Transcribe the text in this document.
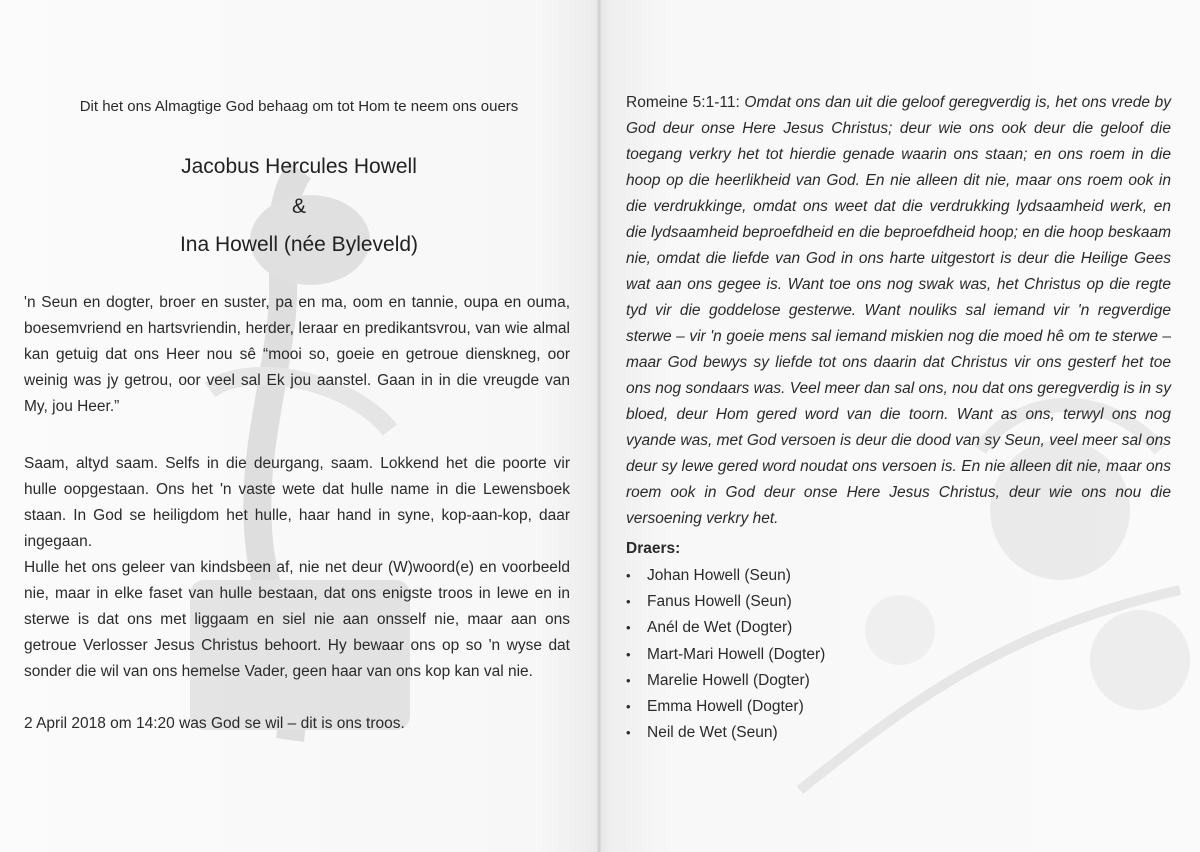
Dit het ons Almagtige God behaag om tot Hom te neem ons ouers
Jacobus Hercules Howell
&
Ina Howell (née Byleveld)

'n Seun en dogter, broer en suster, pa en ma, oom en tannie, oupa en ouma, boesemvriend en hartsvriendin, herder, leraar en predikantsvrou, van wie almal kan getuig dat ons Heer nou sê “mooi so, goeie en getroue dienskneg, oor weinig was jy getrou, oor veel sal Ek jou aanstel. Gaan in in die vreugde van My, jou Heer.”

Saam, altyd saam. Selfs in die deurgang, saam. Lokkend het die poorte vir hulle oopgestaan. Ons het 'n vaste wete dat hulle name in die Lewensboek staan. In God se heiligdom het hulle, haar hand in syne, kop-aan-kop, daar ingegaan.

Hulle het ons geleer van kindsbeen af, nie net deur (W)woord(e) en voorbeeld nie, maar in elke faset van hulle bestaan, dat ons enigste troos in lewe en in sterwe is dat ons met liggaam en siel nie aan onsself nie, maar aan ons getroue Verlosser Jesus Christus behoort. Hy bewaar ons op so 'n wyse dat sonder die wil van ons hemelse Vader, geen haar van ons kop kan val nie.

2 April 2018 om 14:20 was God se wil – dit is ons troos.

Romeine 5:1-11: Omdat ons dan uit die geloof geregverdig is, het ons vrede by God deur onse Here Jesus Christus; deur wie ons ook deur die geloof die toegang verkry het tot hierdie genade waarin ons staan; en ons roem in die hoop op die heerlikheid van God. En nie alleen dit nie, maar ons roem ook in die verdrukkinge, omdat ons weet dat die verdrukking lydsaamheid werk, en die lydsaamheid beproefdheid en die beproefdheid hoop; en die hoop beskaam nie, omdat die liefde van God in ons harte uitgestort is deur die Heilige Gees wat aan ons gegee is. Want toe ons nog swak was, het Christus op die regte tyd vir die goddelose gesterwe. Want nouliks sal iemand vir 'n regverdige sterwe – vir 'n goeie mens sal iemand miskien nog die moed hê om te sterwe – maar God bewys sy liefde tot ons daarin dat Christus vir ons gesterf het toe ons nog sondaars was. Veel meer dan sal ons, nou dat ons geregverdig is in sy bloed, deur Hom gered word van die toorn. Want as ons, terwyl ons nog vyande was, met God versoen is deur die dood van sy Seun, veel meer sal ons deur sy lewe gered word noudat ons versoen is. En nie alleen dit nie, maar ons roem ook in God deur onse Here Jesus Christus, deur wie ons nou die versoening verkry het.

Draers:
• Johan Howell (Seun)
• Fanus Howell (Seun)
• Anél de Wet (Dogter)
• Mart-Mari Howell (Dogter)
• Marelie Howell (Dogter)
• Emma Howell (Dogter)
• Neil de Wet (Seun)
